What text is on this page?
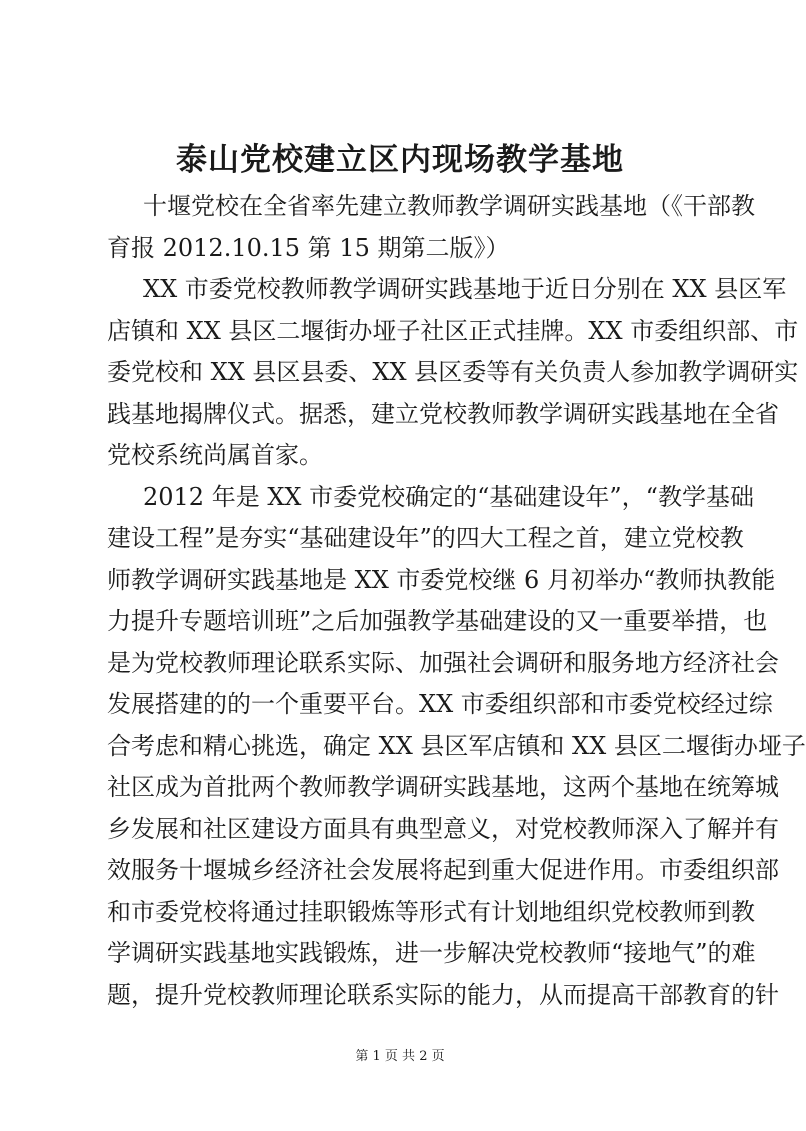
泰山党校建立区内现场教学基地
十堰党校在全省率先建立教师教学调研实践基地（《干部教
育报 2012.10.15 第 15 期第二版》）
XX 市委党校教师教学调研实践基地于近日分别在 XX 县区军
店镇和 XX 县区二堰街办垭子社区正式挂牌。XX 市委组织部、市
委党校和 XX 县区县委、XX 县区委等有关负责人参加教学调研实
践基地揭牌仪式。据悉，建立党校教师教学调研实践基地在全省
党校系统尚属首家。
2012 年是 XX 市委党校确定的“基础建设年”，“教学基础
建设工程”是夯实“基础建设年”的四大工程之首，建立党校教
师教学调研实践基地是 XX 市委党校继 6 月初举办“教师执教能
力提升专题培训班”之后加强教学基础建设的又一重要举措，也
是为党校教师理论联系实际、加强社会调研和服务地方经济社会
发展搭建的的一个重要平台。XX 市委组织部和市委党校经过综
合考虑和精心挑选，确定 XX 县区军店镇和 XX 县区二堰街办垭子
社区成为首批两个教师教学调研实践基地，这两个基地在统筹城
乡发展和社区建设方面具有典型意义，对党校教师深入了解并有
效服务十堰城乡经济社会发展将起到重大促进作用。市委组织部
和市委党校将通过挂职锻炼等形式有计划地组织党校教师到教
学调研实践基地实践锻炼，进一步解决党校教师“接地气”的难
题，提升党校教师理论联系实际的能力，从而提高干部教育的针
第 1 页 共 2 页
